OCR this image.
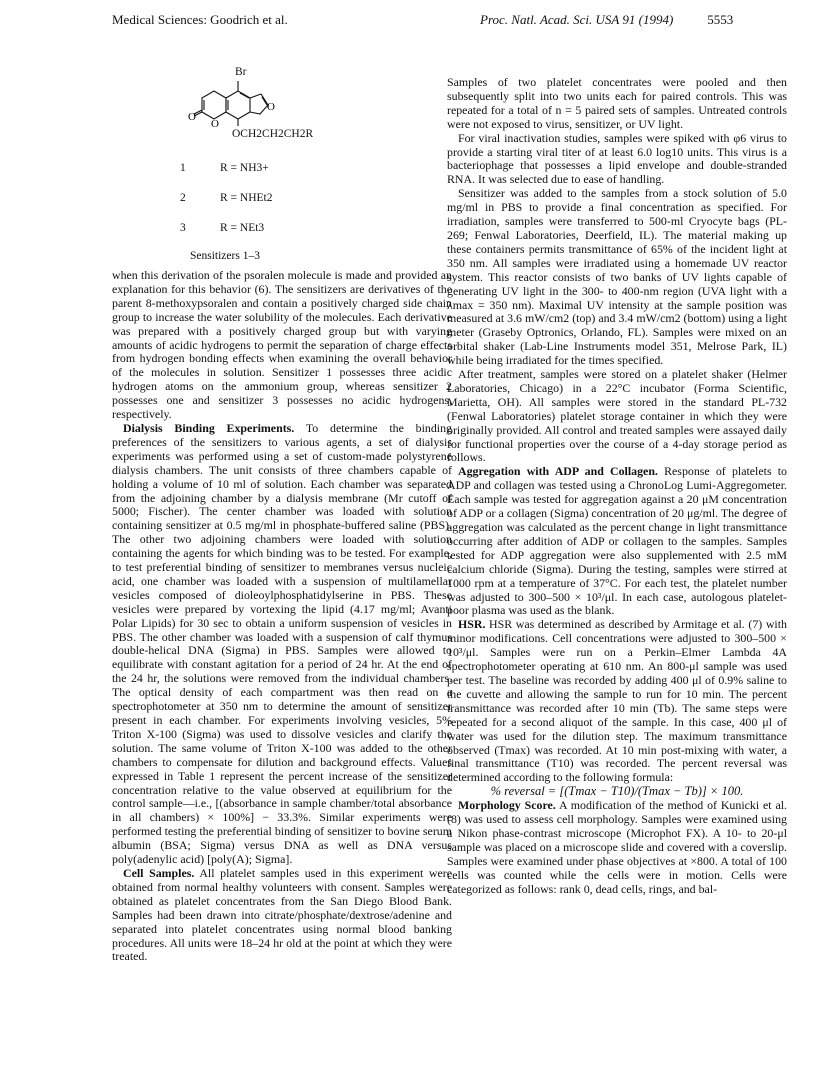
Medical Sciences: Goodrich et al.	Proc. Natl. Acad. Sci. USA 91 (1994)	5553
O
O
O
Br
OCH2CH2CH2R
1	R = NH3+
2	R = NHEt2
3	R = NEt3
Sensitizers 1–3

when this derivation of the psoralen molecule is made and provided an explanation for this behavior (6). The sensitizers are derivatives of the parent 8-methoxypsoralen and contain a positively charged side chain group to increase the water solubility of the molecules. Each derivative was prepared with a positively charged group but with varying amounts of acidic hydrogens to permit the separation of charge effects from hydrogen bonding effects when examining the overall behavior of the molecules in solution. Sensitizer 1 possesses three acidic hydrogen atoms on the ammonium group, whereas sensitizer 2 possesses one and sensitizer 3 possesses no acidic hydrogens, respectively.

Dialysis Binding Experiments. To determine the binding preferences of the sensitizers to various agents, a set of dialysis experiments was performed using a set of custom-made polystyrene dialysis chambers. The unit consists of three chambers capable of holding a volume of 10 ml of solution. Each chamber was separated from the adjoining chamber by a dialysis membrane (Mr cutoff of 5000; Fischer). The center chamber was loaded with solution containing sensitizer at 0.5 mg/ml in phosphate-buffered saline (PBS). The other two adjoining chambers were loaded with solution containing the agents for which binding was to be tested. For example, to test preferential binding of sensitizer to membranes versus nucleic acid, one chamber was loaded with a suspension of multilamellar vesicles composed of dioleoylphosphatidylserine in PBS. These vesicles were prepared by vortexing the lipid (4.17 mg/ml; Avanti Polar Lipids) for 30 sec to obtain a uniform suspension of vesicles in PBS. The other chamber was loaded with a suspension of calf thymus double-helical DNA (Sigma) in PBS. Samples were allowed to equilibrate with constant agitation for a period of 24 hr. At the end of the 24 hr, the solutions were removed from the individual chambers. The optical density of each compartment was then read on a spectrophotometer at 350 nm to determine the amount of sensitizer present in each chamber. For experiments involving vesicles, 5% Triton X-100 (Sigma) was used to dissolve vesicles and clarify the solution. The same volume of Triton X-100 was added to the other chambers to compensate for dilution and background effects. Values expressed in Table 1 represent the percent increase of the sensitizer concentration relative to the value observed at equilibrium for the control sample—i.e., [(absorbance in sample chamber/total absorbance in all chambers) × 100%] − 33.3%. Similar experiments were performed testing the preferential binding of sensitizer to bovine serum albumin (BSA; Sigma) versus DNA as well as DNA versus poly(adenylic acid) [poly(A); Sigma].

Cell Samples. All platelet samples used in this experiment were obtained from normal healthy volunteers with consent. Samples were obtained as platelet concentrates from the San Diego Blood Bank. Samples had been drawn into citrate/phosphate/dextrose/adenine and separated into platelet concentrates using normal blood banking procedures. All units were 18–24 hr old at the point at which they were treated.

Samples of two platelet concentrates were pooled and then subsequently split into two units each for paired controls. This was repeated for a total of n = 5 paired sets of samples. Untreated controls were not exposed to virus, sensitizer, or UV light.

For viral inactivation studies, samples were spiked with φ6 virus to provide a starting viral titer of at least 6.0 log10 units. This virus is a bacteriophage that possesses a lipid envelope and double-stranded RNA. It was selected due to ease of handling.

Sensitizer was added to the samples from a stock solution of 5.0 mg/ml in PBS to provide a final concentration as specified. For irradiation, samples were transferred to 500-ml Cryocyte bags (PL-269; Fenwal Laboratories, Deerfield, IL). The material making up these containers permits transmittance of 65% of the incident light at 350 nm. All samples were irradiated using a homemade UV reactor system. This reactor consists of two banks of UV lights capable of generating UV light in the 300- to 400-nm region (UVA light with a λmax = 350 nm). Maximal UV intensity at the sample position was measured at 3.6 mW/cm2 (top) and 3.4 mW/cm2 (bottom) using a light meter (Graseby Optronics, Orlando, FL). Samples were mixed on an orbital shaker (Lab-Line Instruments model 351, Melrose Park, IL) while being irradiated for the times specified.

After treatment, samples were stored on a platelet shaker (Helmer Laboratories, Chicago) in a 22°C incubator (Forma Scientific, Marietta, OH). All samples were stored in the standard PL-732 (Fenwal Laboratories) platelet storage container in which they were originally provided. All control and treated samples were assayed daily for functional properties over the course of a 4-day storage period as follows.

Aggregation with ADP and Collagen. Response of platelets to ADP and collagen was tested using a ChronoLog Lumi-Aggregometer. Each sample was tested for aggregation against a 20 μM concentration of ADP or a collagen (Sigma) concentration of 20 μg/ml. The degree of aggregation was calculated as the percent change in light transmittance occurring after addition of ADP or collagen to the samples. Samples tested for ADP aggregation were also supplemented with 2.5 mM calcium chloride (Sigma). During the testing, samples were stirred at 1000 rpm at a temperature of 37°C. For each test, the platelet number was adjusted to 300–500 × 10³/μl. In each case, autologous platelet-poor plasma was used as the blank.

HSR. HSR was determined as described by Armitage et al. (7) with minor modifications. Cell concentrations were adjusted to 300–500 × 10³/μl. Samples were run on a Perkin–Elmer Lambda 4A spectrophotometer operating at 610 nm. An 800-μl sample was used per test. The baseline was recorded by adding 400 μl of 0.9% saline to the cuvette and allowing the sample to run for 10 min. The percent transmittance was recorded after 10 min (Tb). The same steps were repeated for a second aliquot of the sample. In this case, 400 μl of water was used for the dilution step. The maximum transmittance observed (Tmax) was recorded. At 10 min post-mixing with water, a final transmittance (T10) was recorded. The percent reversal was determined according to the following formula:

% reversal = [(Tmax − T10)/(Tmax − Tb)] × 100.

Morphology Score. A modification of the method of Kunicki et al. (8) was used to assess cell morphology. Samples were examined using a Nikon phase-contrast microscope (Microphot FX). A 10- to 20-μl sample was placed on a microscope slide and covered with a coverslip. Samples were examined under phase objectives at ×800. A total of 100 cells was counted while the cells were in motion. Cells were categorized as follows: rank 0, dead cells, rings, and bal-
